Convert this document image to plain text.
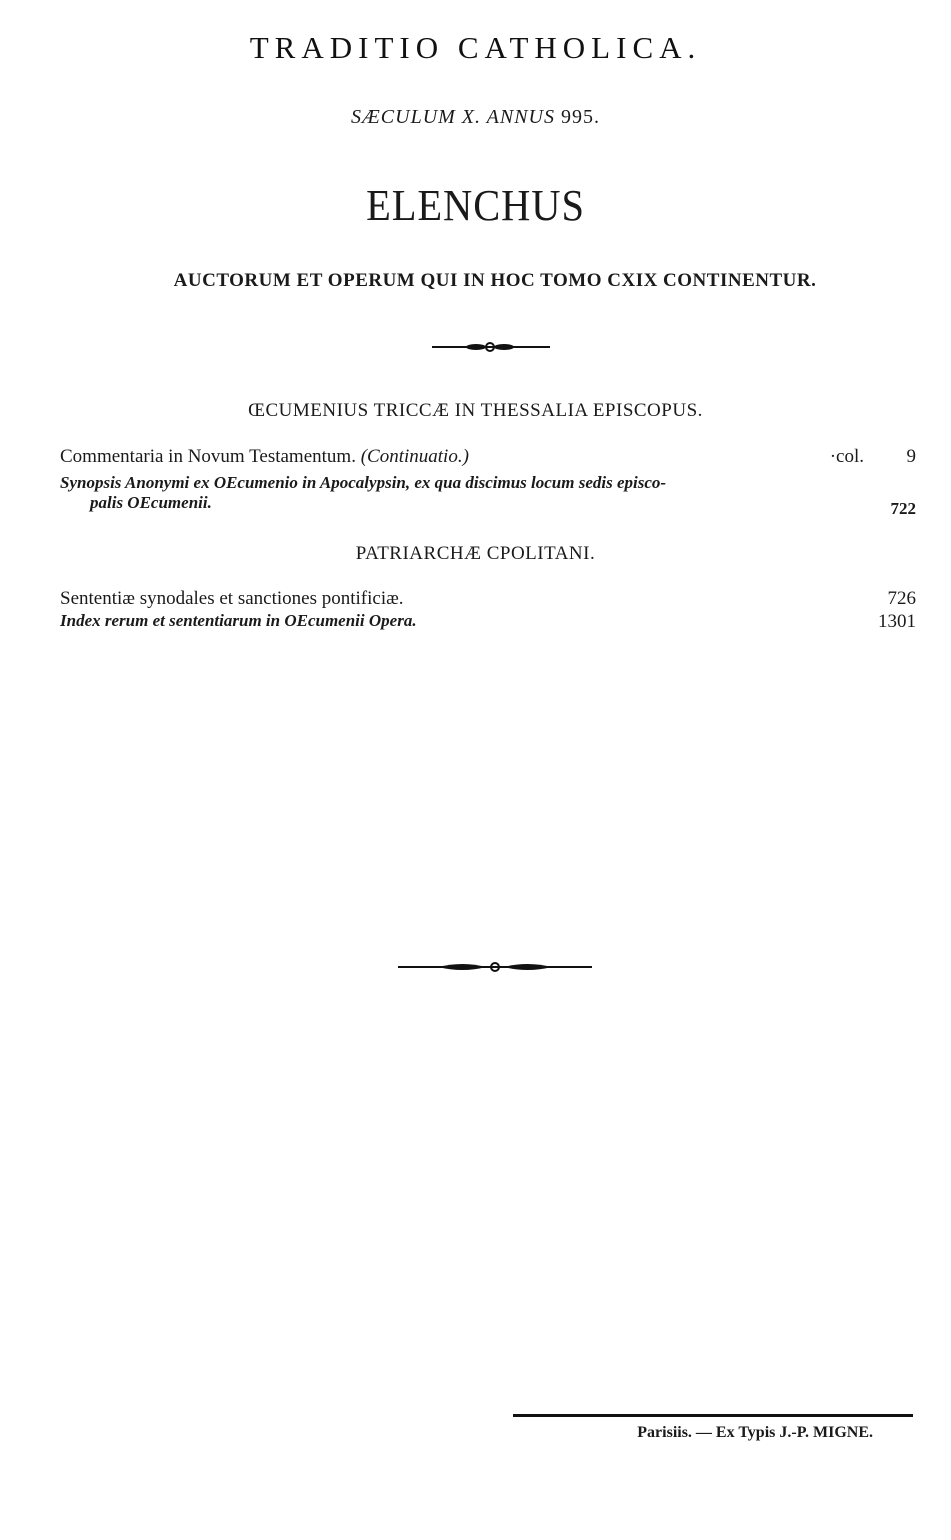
TRADITIO CATHOLICA.
SÆCULUM X. ANNUS 995.
ELENCHUS
AUCTORUM ET OPERUM QUI IN HOC TOMO CXIX CONTINENTUR.
ŒCUMENIUS TRICCÆ IN THESSALIA EPISCOPUS.
Commentaria in Novum Testamentum. (Continuatio.)	·col. 9
Synopsis Anonymi ex OEcumenio in Apocalypsin, ex qua discimus locum sedis episco-
palis OEcumenii.	722
PATRIARCHÆ CPOLITANI.
Sententiæ synodales et sanctiones pontificiæ.	726
Index rerum et sententiarum in OEcumenii Opera.	1301
Parisiis. — Ex Typis J.-P. MIGNE.
